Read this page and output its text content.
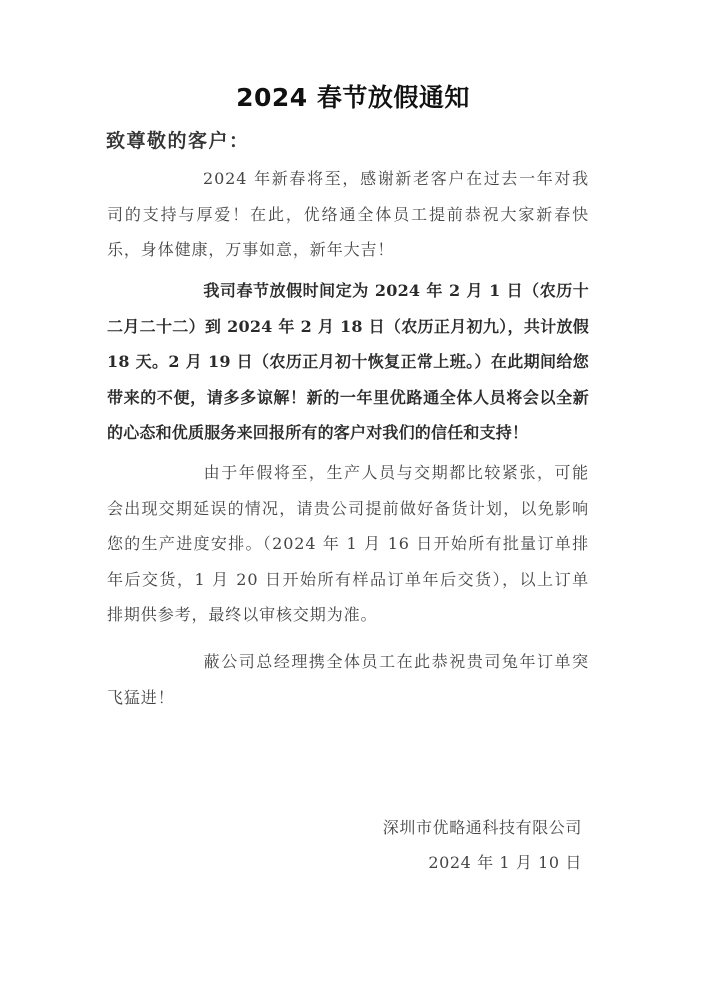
2024 春节放假通知
致尊敬的客户：
2024 年新春将至，感谢新老客户在过去一年对我司的支持与厚爱！在此，优络通全体员工提前恭祝大家新春快乐，身体健康，万事如意，新年大吉！
我司春节放假时间定为 2024 年 2 月 1 日（农历十二月二十二）到 2024 年 2 月 18 日（农历正月初九），共计放假 18 天。2 月 19 日（农历正月初十恢复正常上班。）在此期间给您带来的不便，请多多谅解！新的一年里优路通全体人员将会以全新的心态和优质服务来回报所有的客户对我们的信任和支持！
由于年假将至，生产人员与交期都比较紧张，可能会出现交期延误的情况，请贵公司提前做好备货计划，以免影响您的生产进度安排。（2024 年 1 月 16 日开始所有批量订单排年后交货，1 月 20 日开始所有样品订单年后交货），以上订单排期供参考，最终以审核交期为准。
蔽公司总经理携全体员工在此恭祝贵司兔年订单突飞猛进！
深圳市优略通科技有限公司
2024 年 1 月 10 日
